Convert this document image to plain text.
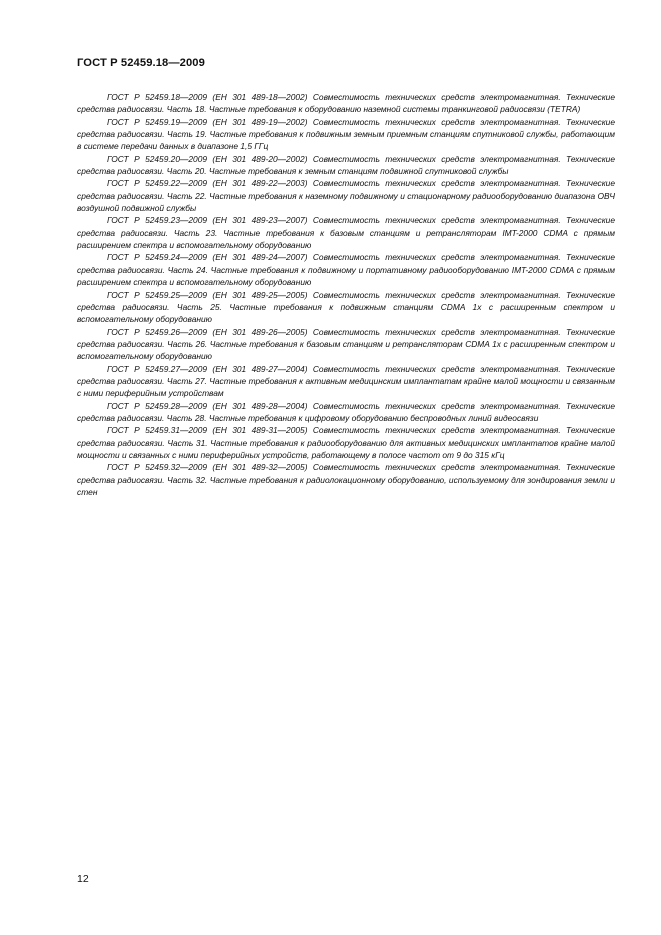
ГОСТ Р 52459.18—2009

ГОСТ Р 52459.18—2009 (ЕН 301 489-18—2002) Совместимость технических средств электромагнитная. Технические средства радиосвязи. Часть 18. Частные требования к оборудованию наземной системы транкинговой радиосвязи (TETRA)

ГОСТ Р 52459.19—2009 (ЕН 301 489-19—2002) Совместимость технических средств электромагнитная. Технические средства радиосвязи. Часть 19. Частные требования к подвижным земным приемным станциям спутниковой службы, работающим в системе передачи данных в диапазоне 1,5 ГГц

ГОСТ Р 52459.20—2009 (ЕН 301 489-20—2002) Совместимость технических средств электромагнитная. Технические средства радиосвязи. Часть 20. Частные требования к земным станциям подвижной спутниковой службы

ГОСТ Р 52459.22—2009 (ЕН 301 489-22—2003) Совместимость технических средств электромагнитная. Технические средства радиосвязи. Часть 22. Частные требования к наземному подвижному и стационарному радиооборудованию диапазона ОВЧ воздушной подвижной службы

ГОСТ Р 52459.23—2009 (ЕН 301 489-23—2007) Совместимость технических средств электромагнитная. Технические средства радиосвязи. Часть 23. Частные требования к базовым станциям и ретрансляторам IMT-2000 CDMA с прямым расширением спектра и вспомогательному оборудованию

ГОСТ Р 52459.24—2009 (ЕН 301 489-24—2007) Совместимость технических средств электромагнитная. Технические средства радиосвязи. Часть 24. Частные требования к подвижному и портативному радиооборудованию IMT-2000 CDMA с прямым расширением спектра и вспомогательному оборудованию

ГОСТ Р 52459.25—2009 (ЕН 301 489-25—2005) Совместимость технических средств электромагнитная. Технические средства радиосвязи. Часть 25. Частные требования к подвижным станциям CDMA 1x с расширенным спектром и вспомогательному оборудованию

ГОСТ Р 52459.26—2009 (ЕН 301 489-26—2005) Совместимость технических средств электромагнитная. Технические средства радиосвязи. Часть 26. Частные требования к базовым станциям и ретрансляторам CDMA 1x с расширенным спектром и вспомогательному оборудованию

ГОСТ Р 52459.27—2009 (ЕН 301 489-27—2004) Совместимость технических средств электромагнитная. Технические средства радиосвязи. Часть 27. Частные требования к активным медицинским имплантатам крайне малой мощности и связанным с ними периферийным устройствам

ГОСТ Р 52459.28—2009 (ЕН 301 489-28—2004) Совместимость технических средств электромагнитная. Технические средства радиосвязи. Часть 28. Частные требования к цифровому оборудованию беспроводных линий видеосвязи

ГОСТ Р 52459.31—2009 (ЕН 301 489-31—2005) Совместимость технических средств электромагнитная. Технические средства радиосвязи. Часть 31. Частные требования к радиооборудованию для активных медицинских имплантатов крайне малой мощности и связанных с ними периферийных устройств, работающему в полосе частот от 9 до 315 кГц

ГОСТ Р 52459.32—2009 (ЕН 301 489-32—2005) Совместимость технических средств электромагнитная. Технические средства радиосвязи. Часть 32. Частные требования к радиолокационному оборудованию, используемому для зондирования земли и стен

12
